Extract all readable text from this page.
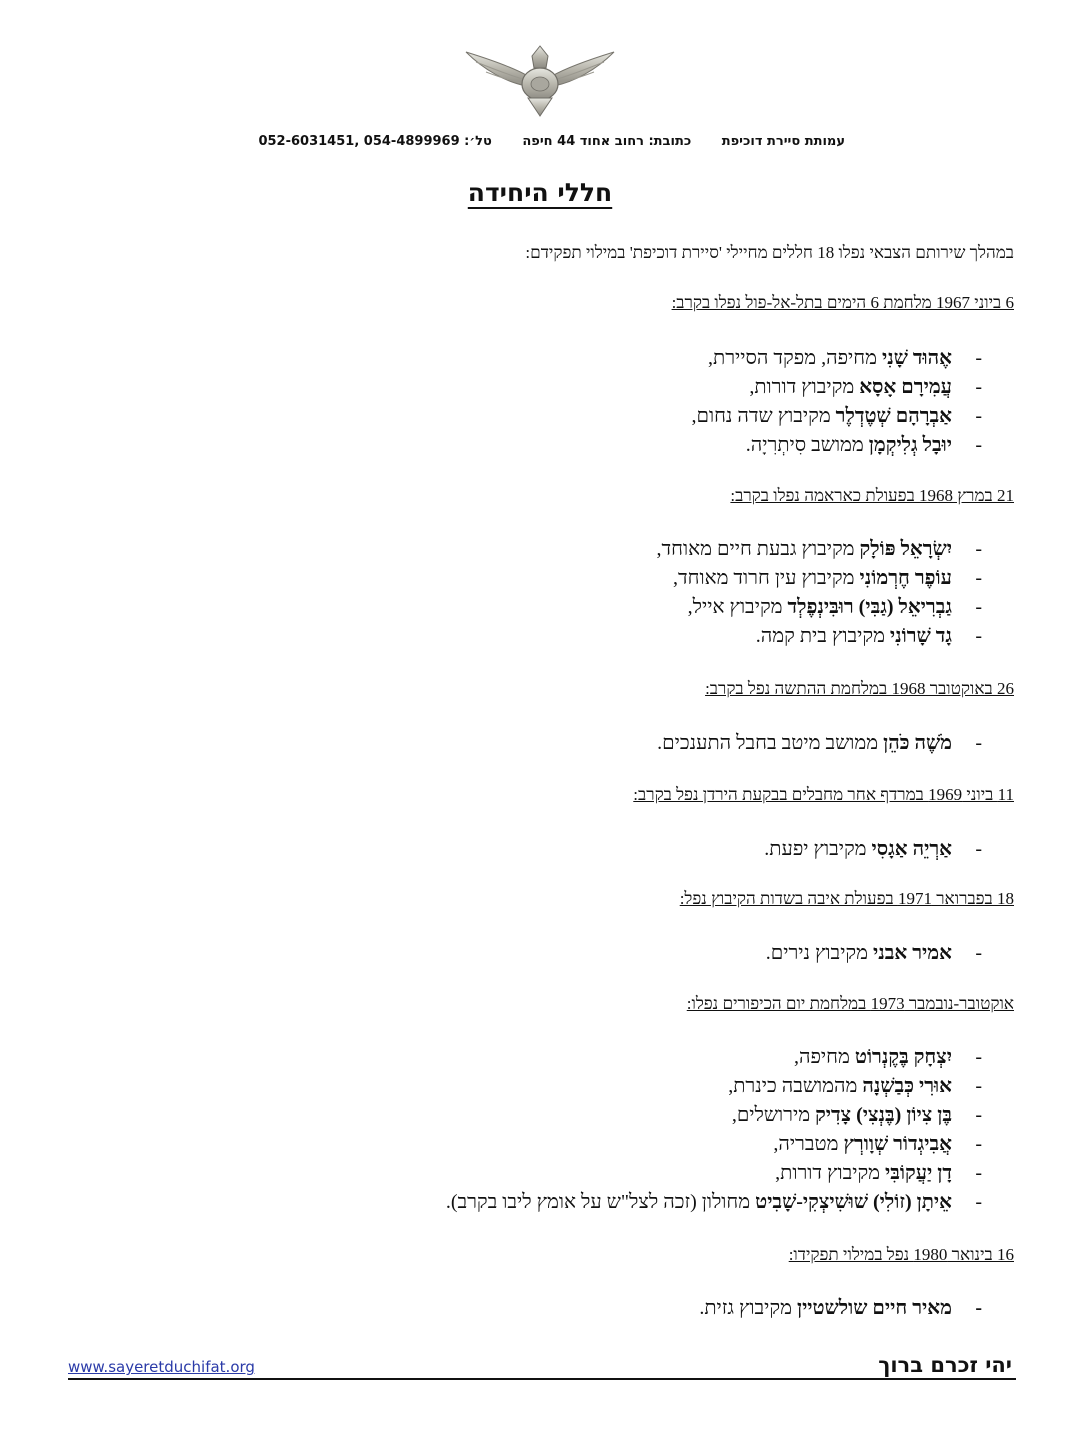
עמותת סיירת דוכיפת כתובת: רחוב אחוד 44 חיפה טל׳: 054-4899969 ,052-6031451
חללי היחידה
במהלך שירותם הצבאי נפלו 18 חללים מחיילי 'סיירת דוכיפת' במילוי תפקידם:
6 ביוני 1967 מלחמת 6 הימים בתל-אל-פול נפלו בקרב:
-
אֶהוּד שָׁנִי מחיפה, מפקד הסיירת,
-
עֲמִירָם אָסָא מקיבוץ דורות,
-
אַבְרָהָם שְׁטֶדְלֶר מקיבוץ שדה נחום,
-
יוּבָל גְלִיקְמָן ממושב סִיתְרִיָה.
21 במרץ 1968 בפעולת כאראמה נפלו בקרב:
-
יִשְׂרָאֵל פּוֹלָק מקיבוץ גבעת חיים מאוחד,
-
עוֹפֶר חֶרְמוֹנִי מקיבוץ עין חרוד מאוחד,
-
גַבְרִיאֵל (גַבִּי) רוּבִּינְפֶלְד מקיבוץ אייל,
-
גָד שָׁרוֹנִי מקיבוץ בית קמה.
26 באוקטובר 1968 במלחמת ההתשה נפל בקרב:
-
מֹשֶׁה כֹּהֵן ממושב מיטב בחבל התענכים.
11 ביוני 1969 במרדף אחר מחבלים בבקעת הירדן נפל בקרב:
-
אַרְיֵה אַגָסִי מקיבוץ יפעת.
18 בפברואר 1971 בפעולת איבה בשדות הקיבוץ נפל:
-
אמיר אבני מקיבוץ נירים.
אוקטובר-נובמבר 1973 במלחמת יום הכיפורים נפלו:
-
יִצְחָק בֶּקֶנְרוֹט מחיפה,
-
אוּרִי כְּבַשְׁנָה מהמושבה כינרת,
-
בֶּן צִיוֹן (בֶּנְצִי) צָדִיק מירושלים,
-
אֲבִיגְדוֹר שְׁוָורְץ מטבריה,
-
דָן יַעֲקוֹבִּי מקיבוץ דורות,
-
אֵיתָן (זוֹלִי) שׁוּשִׁיצְקִי-שָׁבִיט מחולון (זכה לצל"ש על אומץ ליבו בקרב).
16 בינואר 1980 נפל במילוי תפקידו:
-
מאיר חיים שולשטיין מקיבוץ גזית.
www.sayeretduchifat.org	יהי זכרם ברוך
